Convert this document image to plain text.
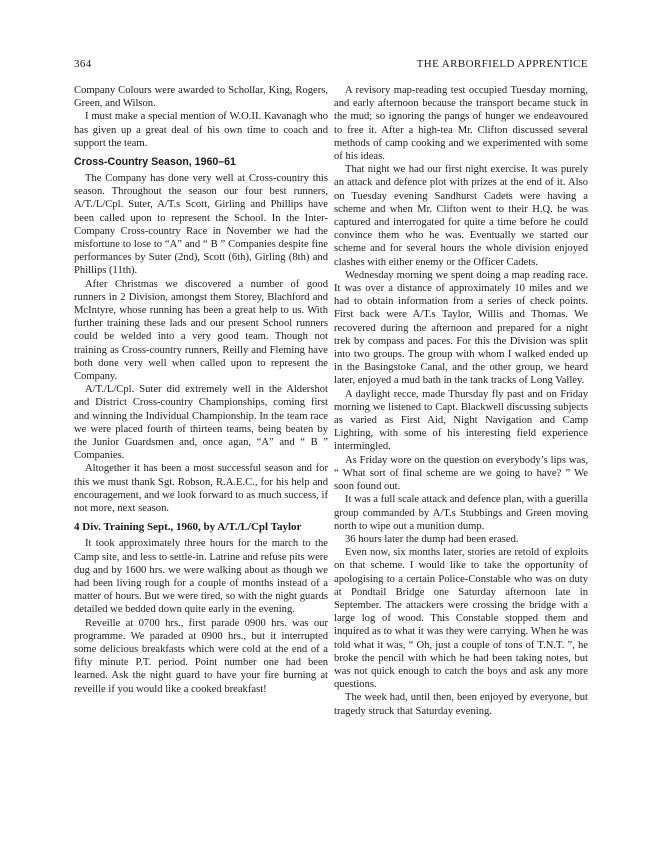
364	THE ARBORFIELD APPRENTICE

Company Colours were awarded to Schollar, King, Rogers, Green, and Wilson.

I must make a special mention of W.O.II. Kavanagh who has given up a great deal of his own time to coach and support the team.

Cross-Country Season, 1960–61

The Company has done very well at Cross-country this season. Throughout the season our four best runners, A/T./L/Cpl. Suter, A/T.s Scott, Girling and Phillips have been called upon to represent the School. In the Inter-Company Cross-country Race in November we had the misfortune to lose to “A” and “ B ” Companies despite fine performances by Suter (2nd), Scott (6th), Girling (8th) and Phillips (11th).

After Christmas we discovered a number of good runners in 2 Division, amongst them Storey, Blachford and McIntyre, whose running has been a great help to us. With further training these lads and our present School runners could be welded into a very good team. Though not training as Cross-country runners, Reilly and Fleming have both done very well when called upon to represent the Company.

A/T./L/Cpl. Suter did extremely well in the Aldershot and District Cross-country Championships, coming first and winning the Individual Championship. In the team race we were placed fourth of thirteen teams, being beaten by the Junior Guardsmen and, once agan, “A” and “ B ” Companies.

Altogether it has been a most successful season and for this we must thank Sgt. Robson, R.A.E.C., for his help and encouragement, and we look forward to as much success, if not more, next season.

4 Div. Training Sept., 1960, by A/T./L/Cpl Taylor

It took approximately three hours for the march to the Camp site, and less to settle-in. Latrine and refuse pits were dug and by 1600 hrs. we were walking about as though we had been living rough for a couple of months instead of a matter of hours. But we were tired, so with the night guards detailed we bedded down quite early in the evening.

Reveille at 0700 hrs., first parade 0900 hrs. was our programme. We paraded at 0900 hrs., but it interrupted some delicious breakfasts which were cold at the end of a fifty minute P.T. period. Point number one had been learned. Ask the night guard to have your fire burning at reveille if you would like a cooked breakfast!

A revisory map-reading test occupied Tuesday morning, and early afternoon because the transport became stuck in the mud; so ignoring the pangs of hunger we endeavoured to free it. After a high-tea Mr. Clifton discussed several methods of camp cooking and we experimented with some of his ideas.

That night we had our first night exercise. It was purely an attack and defence plot with prizes at the end of it. Also on Tuesday evening Sandhurst Cadets were having a scheme and when Mr. Clifton went to their H.Q. he was captured and interrogated for quite a time before he could convince them who he was. Eventually we started our scheme and for several hours the whole division enjoyed clashes with either enemy or the Officer Cadets.

Wednesday morning we spent doing a map reading race. It was over a distance of approximately 10 miles and we had to obtain information from a series of check points. First back were A/T.s Taylor, Willis and Thomas. We recovered during the afternoon and prepared for a night trek by compass and paces. For this the Division was split into two groups. The group with whom I walked ended up in the Basingstoke Canal, and the other group, we heard later, enjoyed a mud bath in the tank tracks of Long Valley.

A daylight recce, made Thursday fly past and on Friday morning we listened to Capt. Blackwell discussing subjects as varied as First Aid, Night Navigation and Camp Lighting, with some of his interesting field experience intermingled.

As Friday wore on the question on everybody’s lips was, “ What sort of final scheme are we going to have? ” We soon found out.

It was a full scale attack and defence plan, with a guerilla group commanded by A/T.s Stubbings and Green moving north to wipe out a munition dump.

36 hours later the dump had been erased.

Even now, six months later, stories are retold of exploits on that scheme. I would like to take the opportunity of apologising to a certain Police-Constable who was on duty at Pondtail Bridge one Saturday afternoon late in September. The attackers were crossing the bridge with a large log of wood. This Constable stopped them and inquired as to what it was they were carrying. When he was told what it was, “ Oh, just a couple of tons of T.N.T. ”, he broke the pencil with which he had been taking notes, but was not quick enough to catch the boys and ask any more questions.

The week had, until then, been enjoyed by everyone, but tragedy struck that Saturday evening.
